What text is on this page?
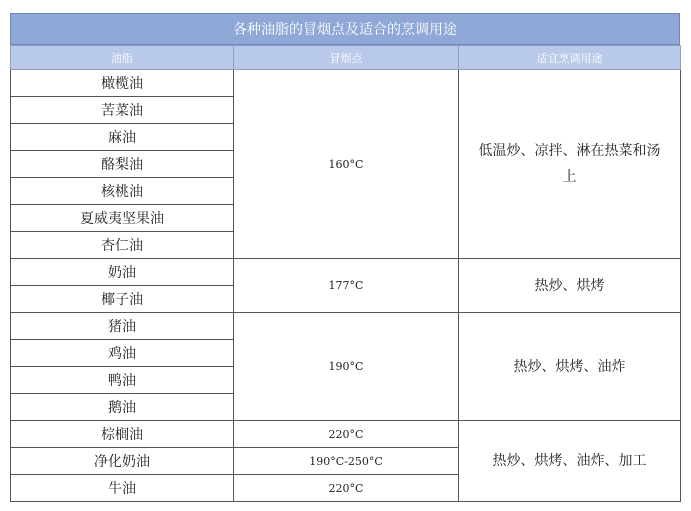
各种油脂的冒烟点及适合的烹调用途
油脂	冒烟点	适宜烹调用途
橄榄油	160°C	低温炒、凉拌、淋在热菜和汤上
苦菜油		
麻油		
酪梨油		
核桃油		
夏威夷坚果油		
杏仁油		
奶油	177°C	热炒、烘烤
椰子油		
猪油	190°C	热炒、烘烤、油炸
鸡油		
鸭油		
鹅油		
棕榈油	220°C	热炒、烘烤、油炸、加工
净化奶油	190°C-250°C	
牛油	220°C	
